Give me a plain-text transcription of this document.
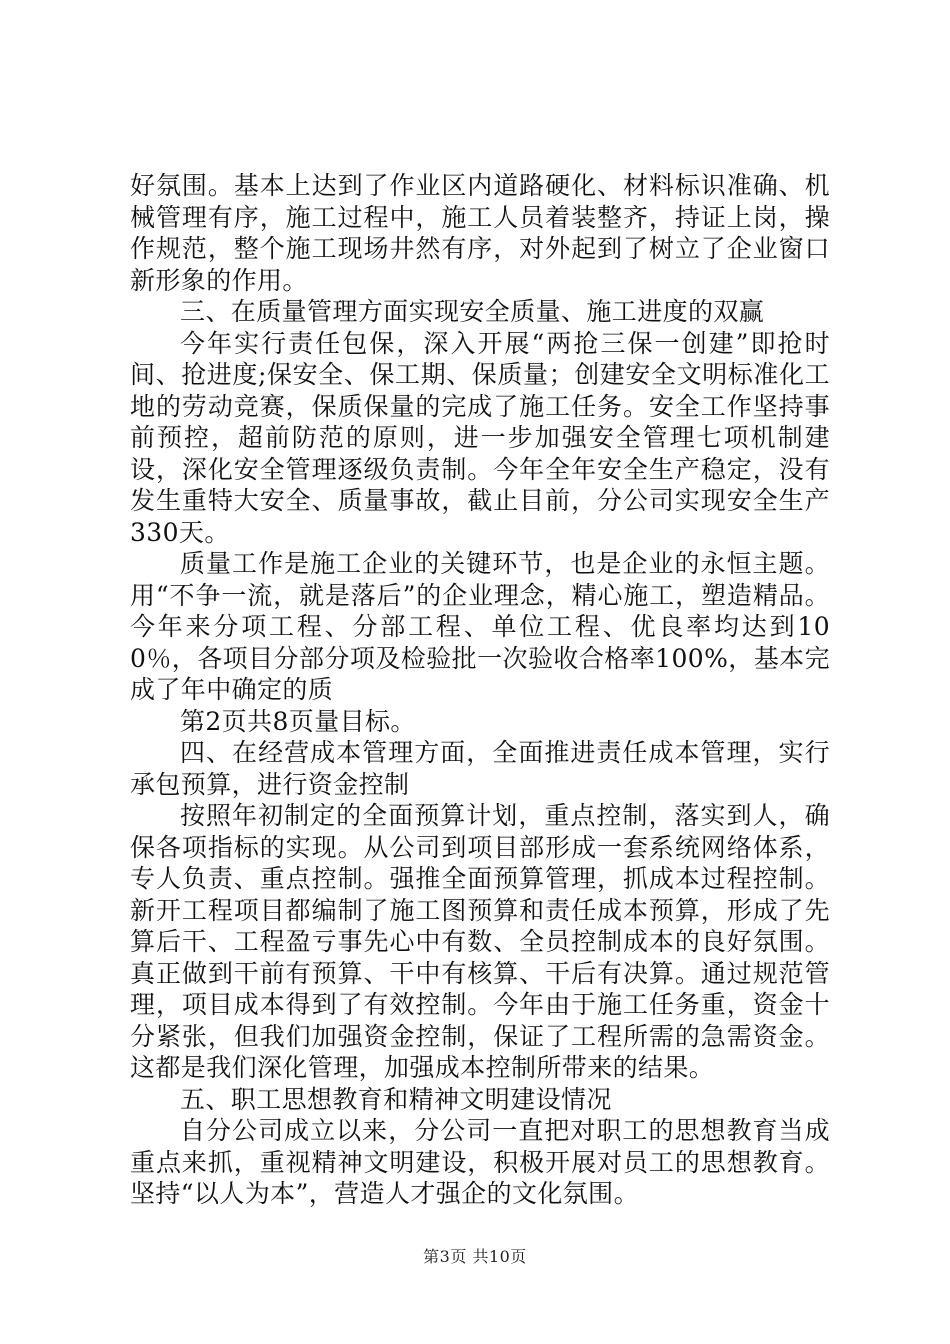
好氛围。基本上达到了作业区内道路硬化、材料标识准确、机械管理有序，施工过程中，施工人员着装整齐，持证上岗，操作规范，整个施工现场井然有序，对外起到了树立了企业窗口新形象的作用。

三、在质量管理方面实现安全质量、施工进度的双赢

今年实行责任包保，深入开展“两抢三保一创建”即抢时间、抢进度;保安全、保工期、保质量；创建安全文明标准化工地的劳动竞赛，保质保量的完成了施工任务。安全工作坚持事前预控，超前防范的原则，进一步加强安全管理七项机制建设，深化安全管理逐级负责制。今年全年安全生产稳定，没有发生重特大安全、质量事故，截止目前，分公司实现安全生产330天。

质量工作是施工企业的关键环节，也是企业的永恒主题。用“不争一流，就是落后”的企业理念，精心施工，塑造精品。今年来分项工程、分部工程、单位工程、优良率均达到100％，各项目分部分项及检验批一次验收合格率100%，基本完成了年中确定的质

第2页共8页量目标。

四、在经营成本管理方面，全面推进责任成本管理，实行承包预算，进行资金控制

按照年初制定的全面预算计划，重点控制，落实到人，确保各项指标的实现。从公司到项目部形成一套系统网络体系，专人负责、重点控制。强推全面预算管理，抓成本过程控制。新开工程项目都编制了施工图预算和责任成本预算，形成了先算后干、工程盈亏事先心中有数、全员控制成本的良好氛围。真正做到干前有预算、干中有核算、干后有决算。通过规范管理，项目成本得到了有效控制。今年由于施工任务重，资金十分紧张，但我们加强资金控制，保证了工程所需的急需资金。这都是我们深化管理，加强成本控制所带来的结果。

五、职工思想教育和精神文明建设情况

自分公司成立以来，分公司一直把对职工的思想教育当成重点来抓，重视精神文明建设，积极开展对员工的思想教育。坚持“以人为本”，营造人才强企的文化氛围。

第3页 共10页
